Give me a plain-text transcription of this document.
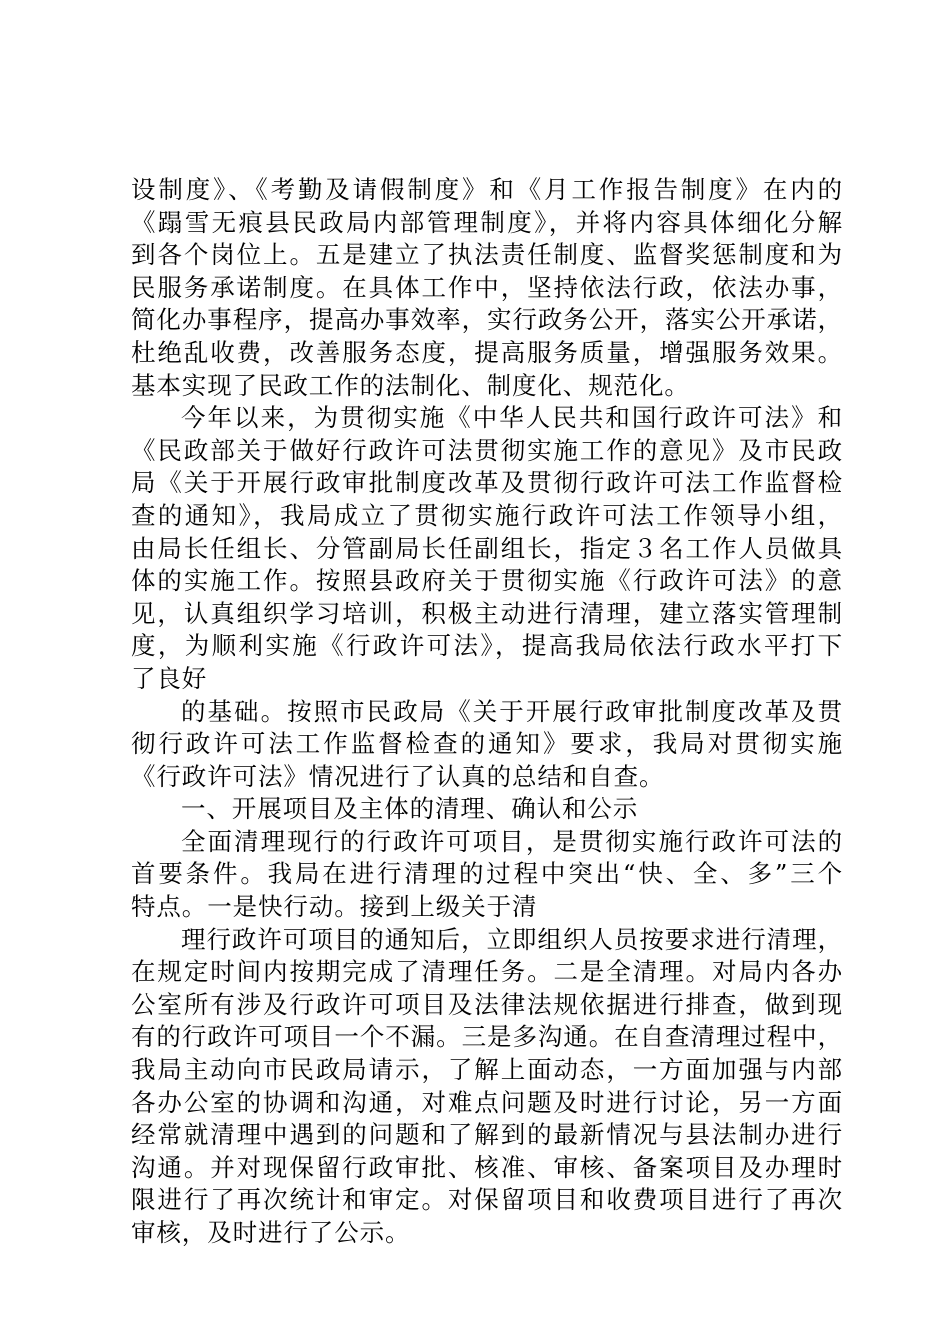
设制度》、《考勤及请假制度》和《月工作报告制度》在内的
《蹋雪无痕县民政局内部管理制度》，并将内容具体细化分解
到各个岗位上。五是建立了执法责任制度、监督奖惩制度和为
民服务承诺制度。在具体工作中，坚持依法行政，依法办事，
简化办事程序，提高办事效率，实行政务公开，落实公开承诺，
杜绝乱收费，改善服务态度，提高服务质量，增强服务效果。
基本实现了民政工作的法制化、制度化、规范化。
今年以来，为贯彻实施《中华人民共和国行政许可法》和
《民政部关于做好行政许可法贯彻实施工作的意见》及市民政
局《关于开展行政审批制度改革及贯彻行政许可法工作监督检
查的通知》，我局成立了贯彻实施行政许可法工作领导小组，
由局长任组长、分管副局长任副组长，指定３名工作人员做具
体的实施工作。按照县政府关于贯彻实施《行政许可法》的意
见，认真组织学习培训，积极主动进行清理，建立落实管理制
度，为顺利实施《行政许可法》，提高我局依法行政水平打下
了良好
的基础。按照市民政局《关于开展行政审批制度改革及贯
彻行政许可法工作监督检查的通知》要求，我局对贯彻实施
《行政许可法》情况进行了认真的总结和自查。
一、开展项目及主体的清理、确认和公示
全面清理现行的行政许可项目，是贯彻实施行政许可法的
首要条件。我局在进行清理的过程中突出“快、全、多”三个
特点。一是快行动。接到上级关于清
理行政许可项目的通知后，立即组织人员按要求进行清理，
在规定时间内按期完成了清理任务。二是全清理。对局内各办
公室所有涉及行政许可项目及法律法规依据进行排查，做到现
有的行政许可项目一个不漏。三是多沟通。在自查清理过程中，
我局主动向市民政局请示，了解上面动态，一方面加强与内部
各办公室的协调和沟通，对难点问题及时进行讨论，另一方面
经常就清理中遇到的问题和了解到的最新情况与县法制办进行
沟通。并对现保留行政审批、核准、审核、备案项目及办理时
限进行了再次统计和审定。对保留项目和收费项目进行了再次
审核，及时进行了公示。
